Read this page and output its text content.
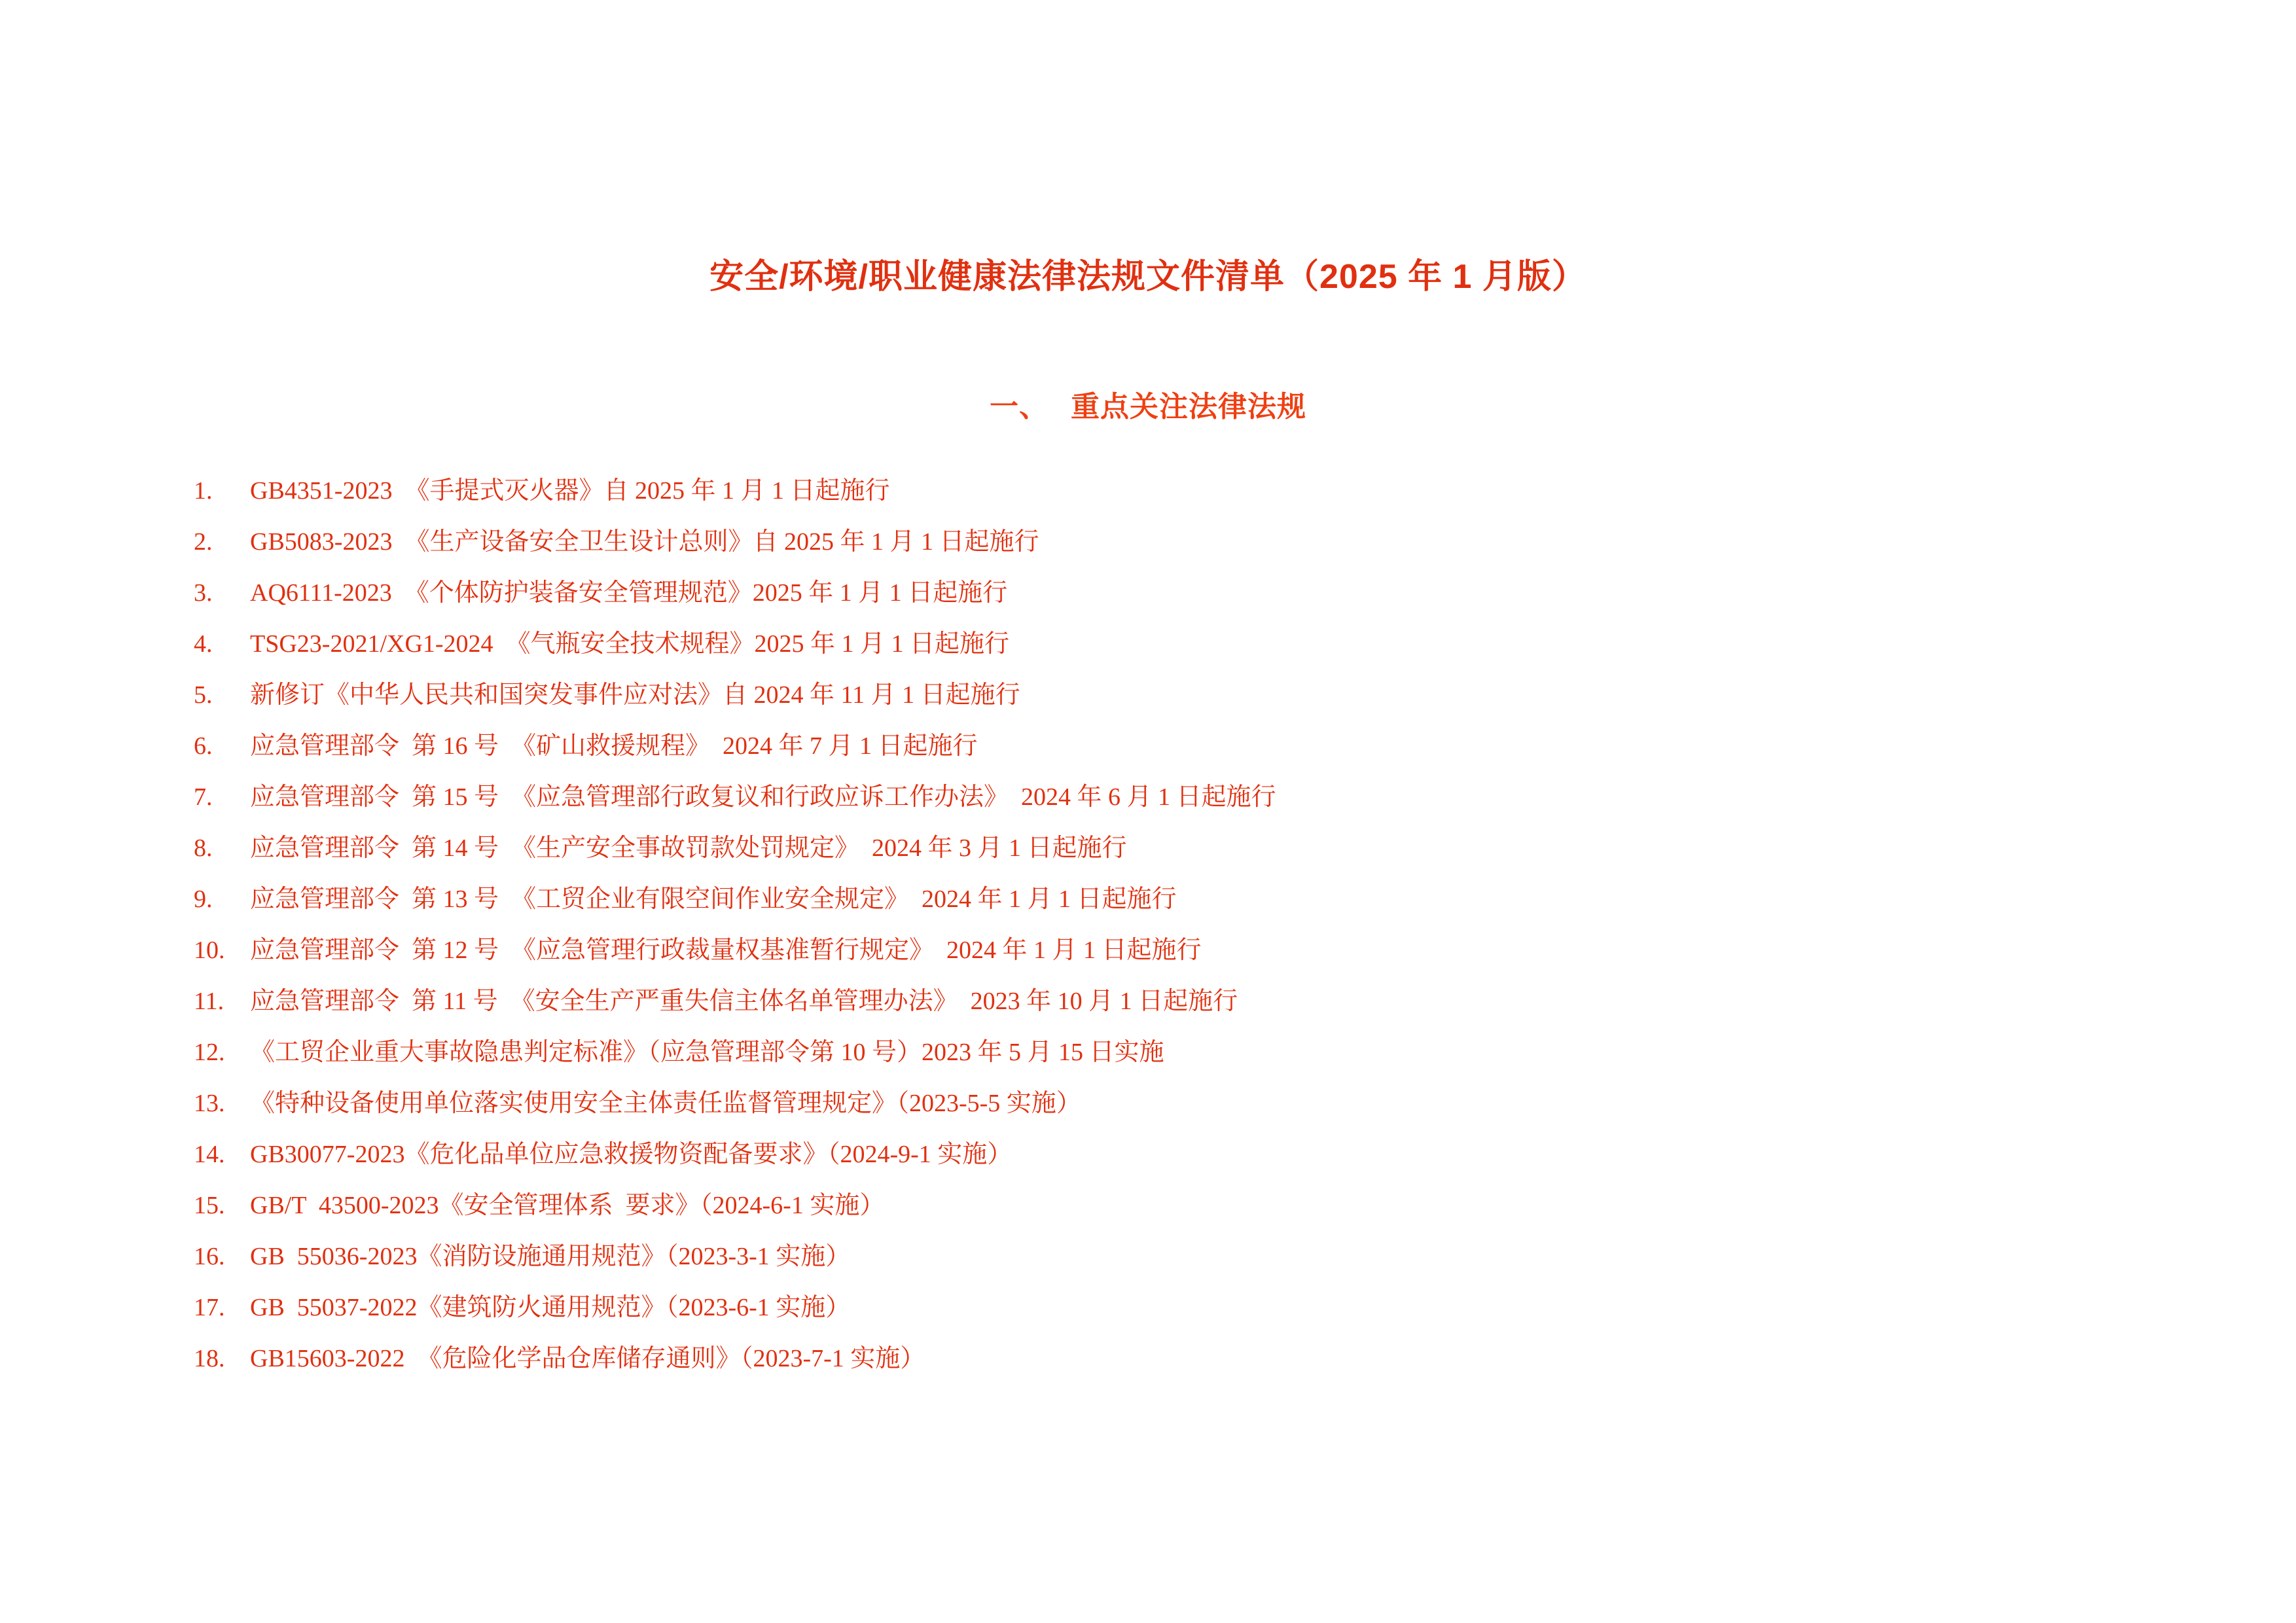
安全/环境/职业健康法律法规文件清单（2025 年 1 月版）
一、 重点关注法律法规
1.	GB4351-2023  《手提式灭火器》自 2025 年 1 月 1 日起施行
2.	GB5083-2023  《生产设备安全卫生设计总则》自 2025 年 1 月 1 日起施行
3.	AQ6111-2023  《个体防护装备安全管理规范》2025 年 1 月 1 日起施行
4.	TSG23-2021/XG1-2024  《气瓶安全技术规程》2025 年 1 月 1 日起施行
5.	新修订《中华人民共和国突发事件应对法》自 2024 年 11 月 1 日起施行
6.	应急管理部令  第 16 号  《矿山救援规程》  2024 年 7 月 1 日起施行
7.	应急管理部令  第 15 号  《应急管理部行政复议和行政应诉工作办法》  2024 年 6 月 1 日起施行
8.	应急管理部令  第 14 号  《生产安全事故罚款处罚规定》  2024 年 3 月 1 日起施行
9.	应急管理部令  第 13 号  《工贸企业有限空间作业安全规定》  2024 年 1 月 1 日起施行
10.	应急管理部令  第 12 号  《应急管理行政裁量权基准暂行规定》  2024 年 1 月 1 日起施行
11.	应急管理部令  第 11 号  《安全生产严重失信主体名单管理办法》  2023 年 10 月 1 日起施行
12.	《工贸企业重大事故隐患判定标准》（应急管理部令第 10 号）2023 年 5 月 15 日实施
13.	《特种设备使用单位落实使用安全主体责任监督管理规定》（2023-5-5 实施）
14.	GB30077-2023《危化品单位应急救援物资配备要求》（2024-9-1 实施）
15.	GB/T  43500-2023《安全管理体系  要求》（2024-6-1 实施）
16.	GB  55036-2023《消防设施通用规范》（2023-3-1 实施）
17.	GB  55037-2022《建筑防火通用规范》（2023-6-1 实施）
18.	GB15603-2022  《危险化学品仓库储存通则》（2023-7-1 实施）
